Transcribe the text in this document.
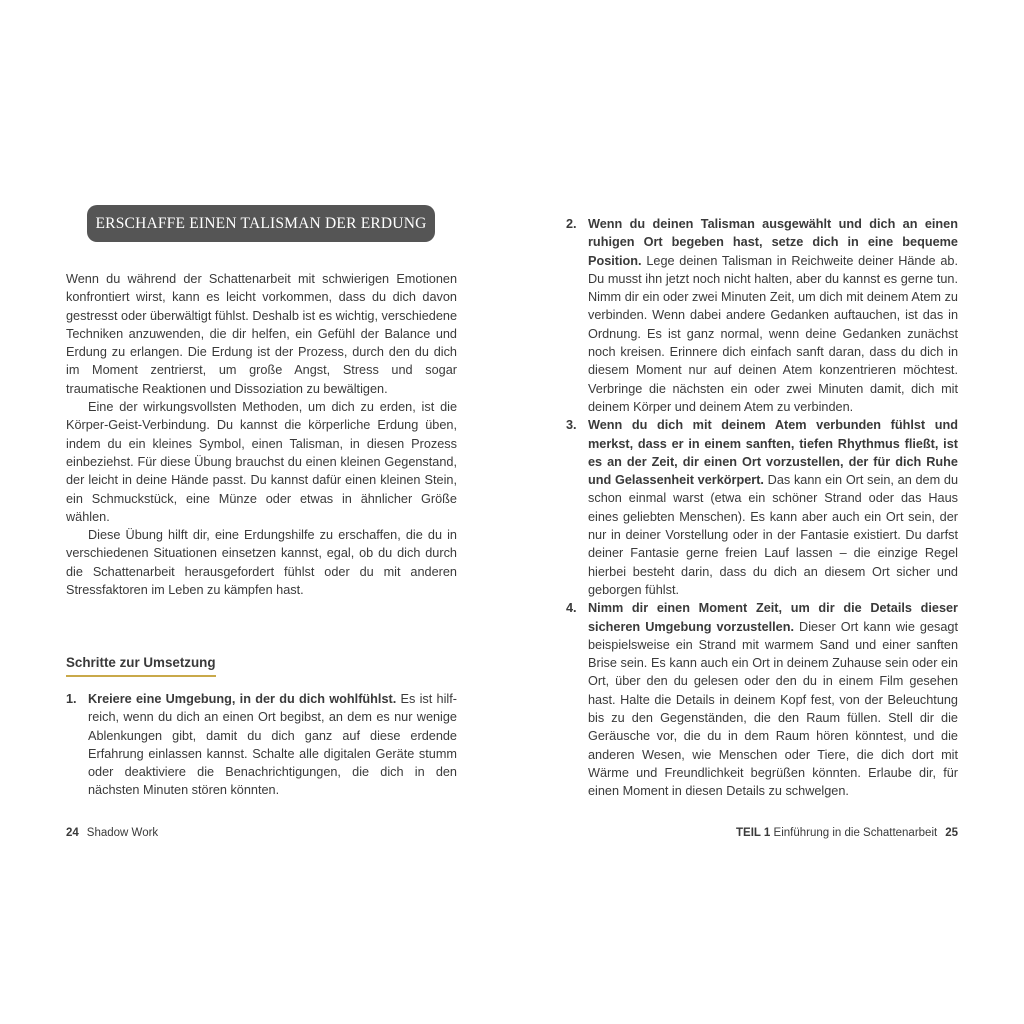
ERSCHAFFE EINEN TALISMAN DER ERDUNG

Wenn du während der Schattenarbeit mit schwierigen Emotionen konfrontiert wirst, kann es leicht vorkommen, dass du dich davon gestresst oder überwältigt fühlst. Deshalb ist es wichtig, verschiedene Techniken anzuwenden, die dir helfen, ein Gefühl der Balance und Erdung zu erlangen. Die Erdung ist der Prozess, durch den du dich im Moment zentrierst, um große Angst, Stress und sogar traumatische Reaktionen und Dissoziation zu bewältigen.

Eine der wirkungsvollsten Methoden, um dich zu erden, ist die Körper-Geist-Verbindung. Du kannst die körperliche Erdung üben, indem du ein kleines Symbol, einen Talisman, in diesen Prozess einbeziehst. Für diese Übung brauchst du einen kleinen Gegenstand, der leicht in deine Hände passt. Du kannst dafür einen kleinen Stein, ein Schmuckstück, eine Münze oder etwas in ähnlicher Größe wählen.

Diese Übung hilft dir, eine Erdungshilfe zu erschaffen, die du in verschiedenen Situationen einsetzen kannst, egal, ob du dich durch die Schattenarbeit herausgefordert fühlst oder du mit anderen Stressfaktoren im Leben zu kämpfen hast.

Schritte zur Umsetzung
1. Kreiere eine Umgebung, in der du dich wohlfühlst. Es ist hilfreich, wenn du dich an einen Ort begibst, an dem es nur wenige Ablenkungen gibt, damit du dich ganz auf diese erdende Erfahrung einlassen kannst. Schalte alle digitalen Geräte stumm oder deaktiviere die Benachrichtigungen, die dich in den nächsten Minuten stören könnten.
24 Shadow Work
2. Wenn du deinen Talisman ausgewählt und dich an einen ruhigen Ort begeben hast, setze dich in eine bequeme Position. Lege deinen Talisman in Reichweite deiner Hände ab. Du musst ihn jetzt noch nicht halten, aber du kannst es gerne tun. Nimm dir ein oder zwei Minuten Zeit, um dich mit deinem Atem zu verbinden. Wenn dabei andere Gedanken auftauchen, ist das in Ordnung. Es ist ganz normal, wenn deine Gedanken zunächst noch kreisen. Erinnere dich einfach sanft daran, dass du dich in diesem Moment nur auf deinen Atem konzentrieren möchtest. Verbringe die nächsten ein oder zwei Minuten damit, dich mit deinem Körper und deinem Atem zu verbinden.
3. Wenn du dich mit deinem Atem verbunden fühlst und merkst, dass er in einem sanften, tiefen Rhythmus fließt, ist es an der Zeit, dir einen Ort vorzustellen, der für dich Ruhe und Gelassenheit verkörpert. Das kann ein Ort sein, an dem du schon einmal warst (etwa ein schöner Strand oder das Haus eines geliebten Menschen). Es kann aber auch ein Ort sein, der nur in deiner Vorstellung oder in der Fantasie existiert. Du darfst deiner Fantasie gerne freien Lauf lassen – die einzige Regel hierbei besteht darin, dass du dich an diesem Ort sicher und geborgen fühlst.
4. Nimm dir einen Moment Zeit, um dir die Details dieser sicheren Umgebung vorzustellen. Dieser Ort kann wie gesagt beispielsweise ein Strand mit warmem Sand und einer sanften Brise sein. Es kann auch ein Ort in deinem Zuhause sein oder ein Ort, über den du gelesen oder den du in einem Film gesehen hast. Halte die Details in deinem Kopf fest, von der Beleuchtung bis zu den Gegenständen, die den Raum füllen. Stell dir die Geräusche vor, die du in dem Raum hören könntest, und die anderen Wesen, wie Menschen oder Tiere, die dich dort mit Wärme und Freundlichkeit begrüßen könnten. Erlaube dir, für einen Moment in diesen Details zu schwelgen.
TEIL 1 Einführung in die Schattenarbeit 25
